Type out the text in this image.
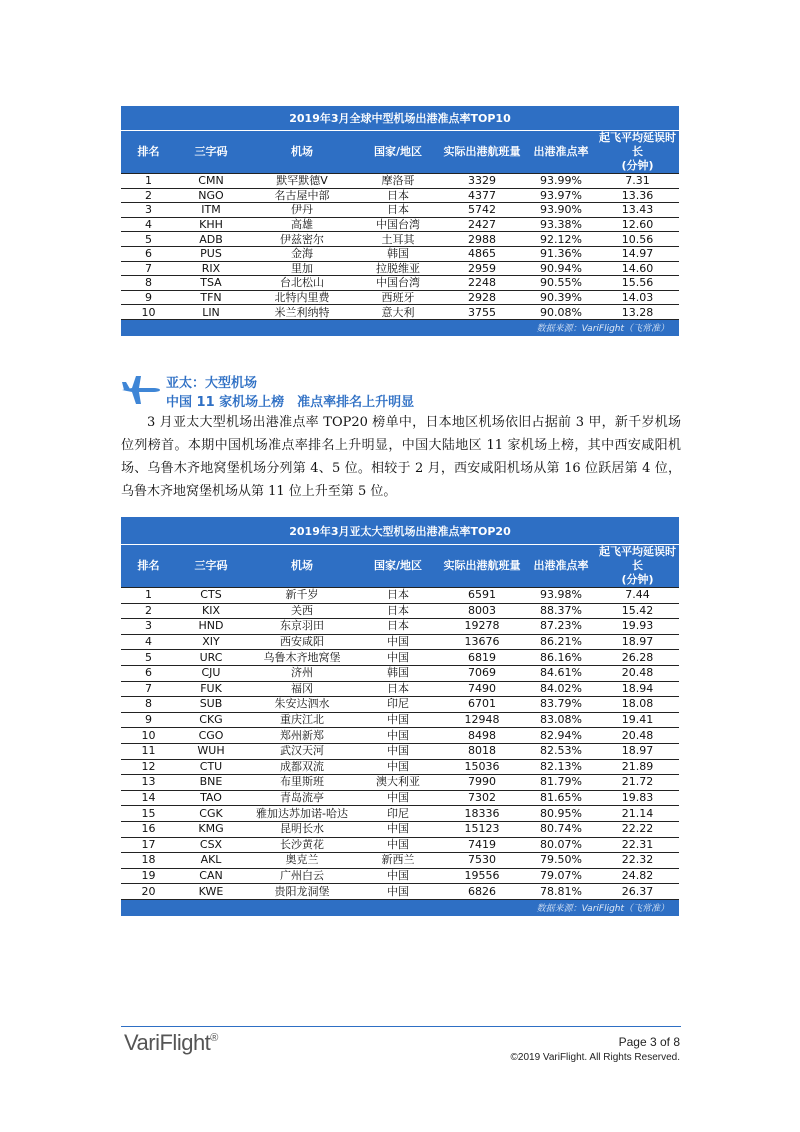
2019年3月全球中型机场出港准点率TOP10						
排名	三字码	机场	国家/地区	实际出港航班量	出港准点率	起飞平均延误时长
(分钟)
1	CMN	默罕默德V	摩洛哥	3329	93.99%	7.31
2	NGO	名古屋中部	日本	4377	93.97%	13.36
3	ITM	伊丹	日本	5742	93.90%	13.43
4	KHH	高雄	中国台湾	2427	93.38%	12.60
5	ADB	伊兹密尔	土耳其	2988	92.12%	10.56
6	PUS	金海	韩国	4865	91.36%	14.97
7	RIX	里加	拉脱维亚	2959	90.94%	14.60
8	TSA	台北松山	中国台湾	2248	90.55%	15.56
9	TFN	北特内里费	西班牙	2928	90.39%	14.03
10	LIN	米兰利纳特	意大利	3755	90.08%	13.28
数据来源：VariFlight（飞常准）						
亚太：大型机场
中国 11 家机场上榜　准点率排名上升明显
3 月亚太大型机场出港准点率 TOP20 榜单中，日本地区机场依旧占据前 3 甲，新千岁机场位列榜首。本期中国机场准点率排名上升明显，中国大陆地区 11 家机场上榜，其中西安咸阳机场、乌鲁木齐地窝堡机场分列第 4、5 位。相较于 2 月，西安咸阳机场从第 16 位跃居第 4 位，乌鲁木齐地窝堡机场从第 11 位上升至第 5 位。
2019年3月亚太大型机场出港准点率TOP20						
排名	三字码	机场	国家/地区	实际出港航班量	出港准点率	起飞平均延误时长
(分钟)
1	CTS	新千岁	日本	6591	93.98%	7.44
2	KIX	关西	日本	8003	88.37%	15.42
3	HND	东京羽田	日本	19278	87.23%	19.93
4	XIY	西安咸阳	中国	13676	86.21%	18.97
5	URC	乌鲁木齐地窝堡	中国	6819	86.16%	26.28
6	CJU	济州	韩国	7069	84.61%	20.48
7	FUK	福冈	日本	7490	84.02%	18.94
8	SUB	朱安达泗水	印尼	6701	83.79%	18.08
9	CKG	重庆江北	中国	12948	83.08%	19.41
10	CGO	郑州新郑	中国	8498	82.94%	20.48
11	WUH	武汉天河	中国	8018	82.53%	18.97
12	CTU	成都双流	中国	15036	82.13%	21.89
13	BNE	布里斯班	澳大利亚	7990	81.79%	21.72
14	TAO	青岛流亭	中国	7302	81.65%	19.83
15	CGK	雅加达苏加诺-哈达	印尼	18336	80.95%	21.14
16	KMG	昆明长水	中国	15123	80.74%	22.22
17	CSX	长沙黄花	中国	7419	80.07%	22.31
18	AKL	奥克兰	新西兰	7530	79.50%	22.32
19	CAN	广州白云	中国	19556	79.07%	24.82
20	KWE	贵阳龙洞堡	中国	6826	78.81%	26.37
数据来源：VariFlight（飞常准）						
VariFlight®	Page 3 of 8
©2019 VariFlight. All Rights Reserved.
